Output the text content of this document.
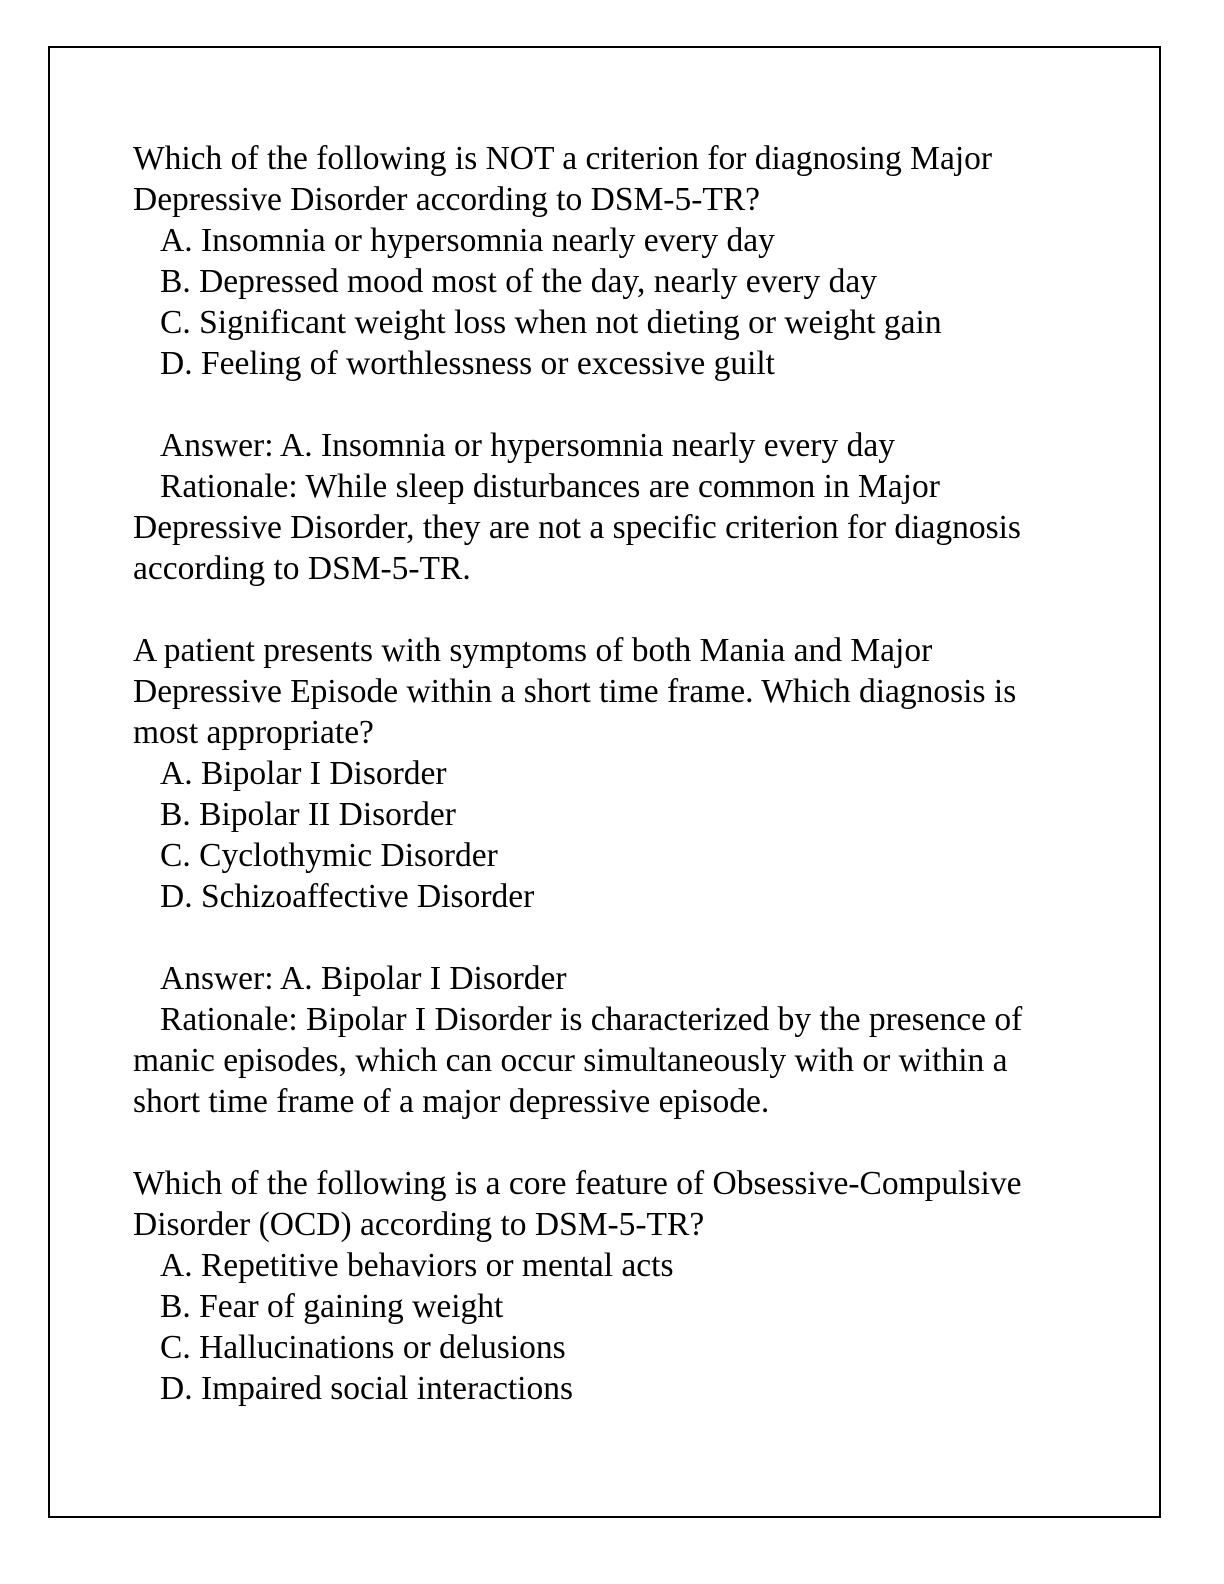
Which of the following is NOT a criterion for diagnosing Major
Depressive Disorder according to DSM-5-TR?
A. Insomnia or hypersomnia nearly every day
B. Depressed mood most of the day, nearly every day
C. Significant weight loss when not dieting or weight gain
D. Feeling of worthlessness or excessive guilt
Answer: A. Insomnia or hypersomnia nearly every day
Rationale: While sleep disturbances are common in Major
Depressive Disorder, they are not a specific criterion for diagnosis
according to DSM-5-TR.
A patient presents with symptoms of both Mania and Major
Depressive Episode within a short time frame. Which diagnosis is
most appropriate?
A. Bipolar I Disorder
B. Bipolar II Disorder
C. Cyclothymic Disorder
D. Schizoaffective Disorder
Answer: A. Bipolar I Disorder
Rationale: Bipolar I Disorder is characterized by the presence of
manic episodes, which can occur simultaneously with or within a
short time frame of a major depressive episode.
Which of the following is a core feature of Obsessive-Compulsive
Disorder (OCD) according to DSM-5-TR?
A. Repetitive behaviors or mental acts
B. Fear of gaining weight
C. Hallucinations or delusions
D. Impaired social interactions
